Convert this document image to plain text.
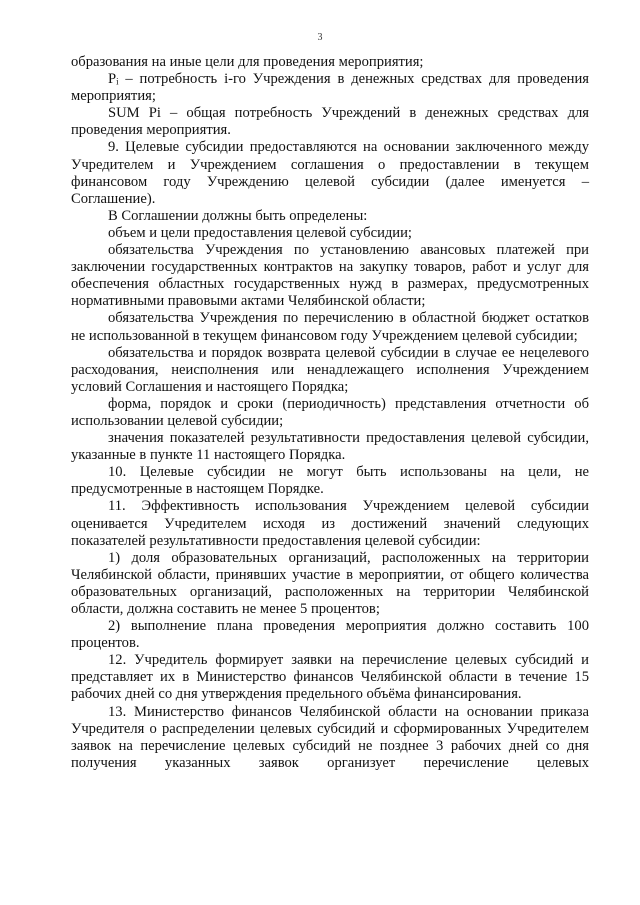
3

образования на иные цели для проведения мероприятия;

Pᵢ – потребность i-го Учреждения в денежных средствах для проведения мероприятия;

SUM Pi – общая потребность Учреждений в денежных средствах для проведения мероприятия.

9. Целевые субсидии предоставляются на основании заключенного между Учредителем и Учреждением соглашения о предоставлении в текущем финансовом году Учреждению целевой субсидии (далее именуется – Соглашение).

В Соглашении должны быть определены:

объем и цели предоставления целевой субсидии;

обязательства Учреждения по установлению авансовых платежей при заключении государственных контрактов на закупку товаров, работ и услуг для обеспечения областных государственных нужд в размерах, предусмотренных нормативными правовыми актами Челябинской области;

обязательства Учреждения по перечислению в областной бюджет остатков не использованной в текущем финансовом году Учреждением целевой субсидии;

обязательства и порядок возврата целевой субсидии в случае ее нецелевого расходования, неисполнения или ненадлежащего исполнения Учреждением условий Соглашения и настоящего Порядка;

форма, порядок и сроки (периодичность) представления отчетности об использовании целевой субсидии;

значения показателей результативности предоставления целевой субсидии, указанные в пункте 11 настоящего Порядка.

10. Целевые субсидии не могут быть использованы на цели, не предусмотренные в настоящем Порядке.

11. Эффективность использования Учреждением целевой субсидии оценивается Учредителем исходя из достижений значений следующих показателей результативности предоставления целевой субсидии:

1) доля образовательных организаций, расположенных на территории Челябинской области, принявших участие в мероприятии, от общего количества образовательных организаций, расположенных на территории Челябинской области, должна составить не менее 5 процентов;

2) выполнение плана проведения мероприятия должно составить 100 процентов.

12. Учредитель формирует заявки на перечисление целевых субсидий и представляет их в Министерство финансов Челябинской области в течение 15 рабочих дней со дня утверждения предельного объёма финансирования.

13. Министерство финансов Челябинской области на основании приказа Учредителя о распределении целевых субсидий и сформированных Учредителем заявок на перечисление целевых субсидий не позднее 3 рабочих дней со дня получения указанных заявок организует перечисление целевых
